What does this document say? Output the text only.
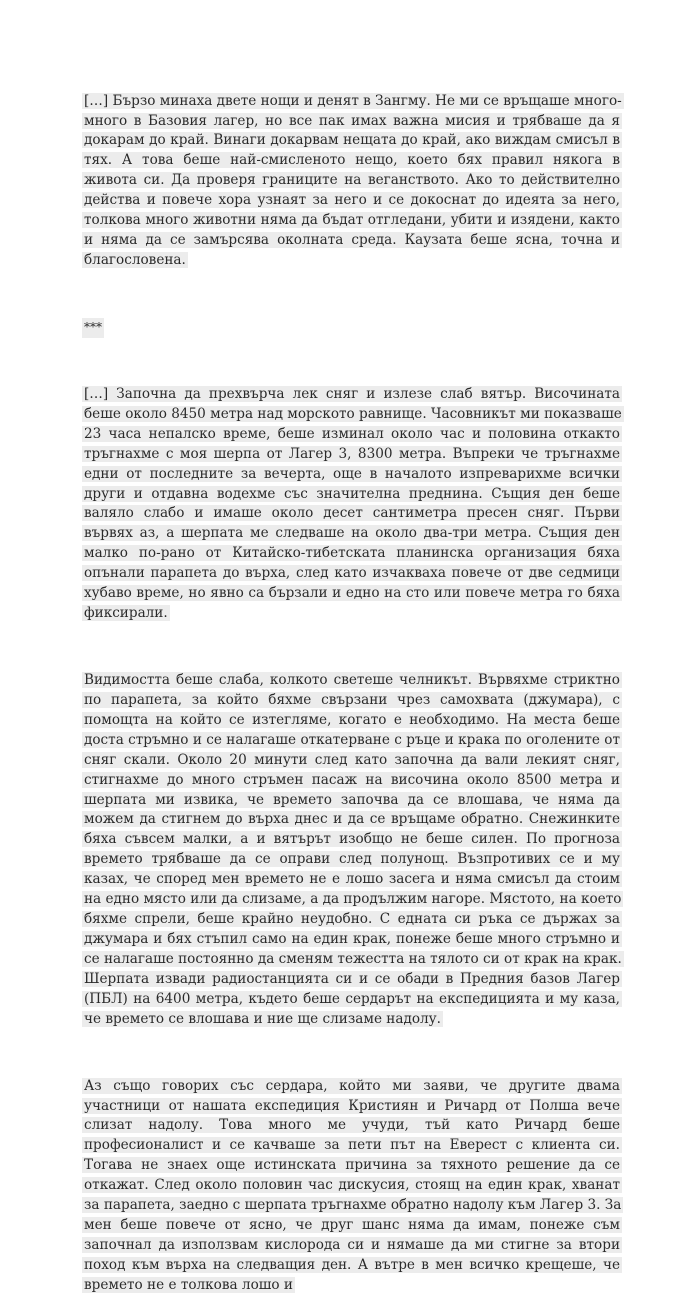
[…] Бързо минаха двете нощи и денят в Зангму. Не ми се връщаше много-много в Базовия лагер, но все пак имах важна мисия и трябваше да я докарам до край. Винаги докарвам нещата до край, ако виждам смисъл в тях. А това беше най-смисленото нещо, което бях правил някога в живота си. Да проверя границите на веганството. Ако то действително действа и повече хора узнаят за него и се докоснат до идеята за него, толкова много животни няма да бъдат отгледани, убити и изядени, както и няма да се замърсява околната среда. Каузата беше ясна, точна и благословена.

***

[…] Започна да прехвърча лек сняг и излезе слаб вятър. Височината беше около 8450 метра над морското равнище. Часовникът ми показваше 23 часа непалско време, беше изминал около час и половина откакто тръгнахме с моя шерпа от Лагер 3, 8300 метра. Въпреки че тръгнахме едни от последните за вечерта, още в началото изпреварихме всички други и отдавна водехме със значителна преднина. Същия ден беше валяло слабо и имаше около десет сантиметра пресен сняг. Първи вървях аз, а шерпата ме следваше на около два-три метра. Същия ден малко по-рано от Китайско-тибетската планинска организация бяха опънали парапета до върха, след като изчакваха повече от две седмици хубаво време, но явно са бързали и едно на сто или повече метра го бяха фиксирали.

Видимостта беше слаба, колкото светеше челникът. Вървяхме стриктно по парапета, за който бяхме свързани чрез самохвата (джумара), с помощта на който се изтегляме, когато е необходимо. На места беше доста стръмно и се налагаше откатерване с ръце и крака по оголените от сняг скали. Около 20 минути след като започна да вали лекият сняг, стигнахме до много стръмен пасаж на височина около 8500 метра и шерпата ми извика, че времето започва да се влошава, че няма да можем да стигнем до върха днес и да се връщаме обратно. Снежинките бяха съвсем малки, а и вятърът изобщо не беше силен. По прогноза времето трябваше да се оправи след полунощ. Възпротивих се и му казах, че според мен времето не е лошо засега и няма смисъл да стоим на едно място или да слизаме, а да продължим нагоре. Мястото, на което бяхме спрели, беше крайно неудобно. С едната си ръка се държах за джумара и бях стъпил само на един крак, понеже беше много стръмно и се налагаше постоянно да сменям тежестта на тялото си от крак на крак. Шерпата извади радиостанцията си и се обади в Предния базов Лагер (ПБЛ) на 6400 метра, където беше сердарът на експедицията и му каза, че времето се влошава и ние ще слизаме надолу.

Аз също говорих със сердара, който ми заяви, че другите двама участници от нашата експедиция Кристиян и Ричард от Полша вече слизат надолу. Това много ме учуди, тъй като Ричард беше професионалист и се качваше за пети път на Еверест с клиента си. Тогава не знаех още истинската причина за тяхното решение да се откажат. След около половин час дискусия, стоящ на един крак, хванат за парапета, заедно с шерпата тръгнахме обратно надолу към Лагер 3. За мен беше повече от ясно, че друг шанс няма да имам, понеже съм започнал да използвам кислорода си и нямаше да ми стигне за втори поход към върха на следващия ден. А вътре в мен всичко крещеше, че времето не е толкова лошо и
